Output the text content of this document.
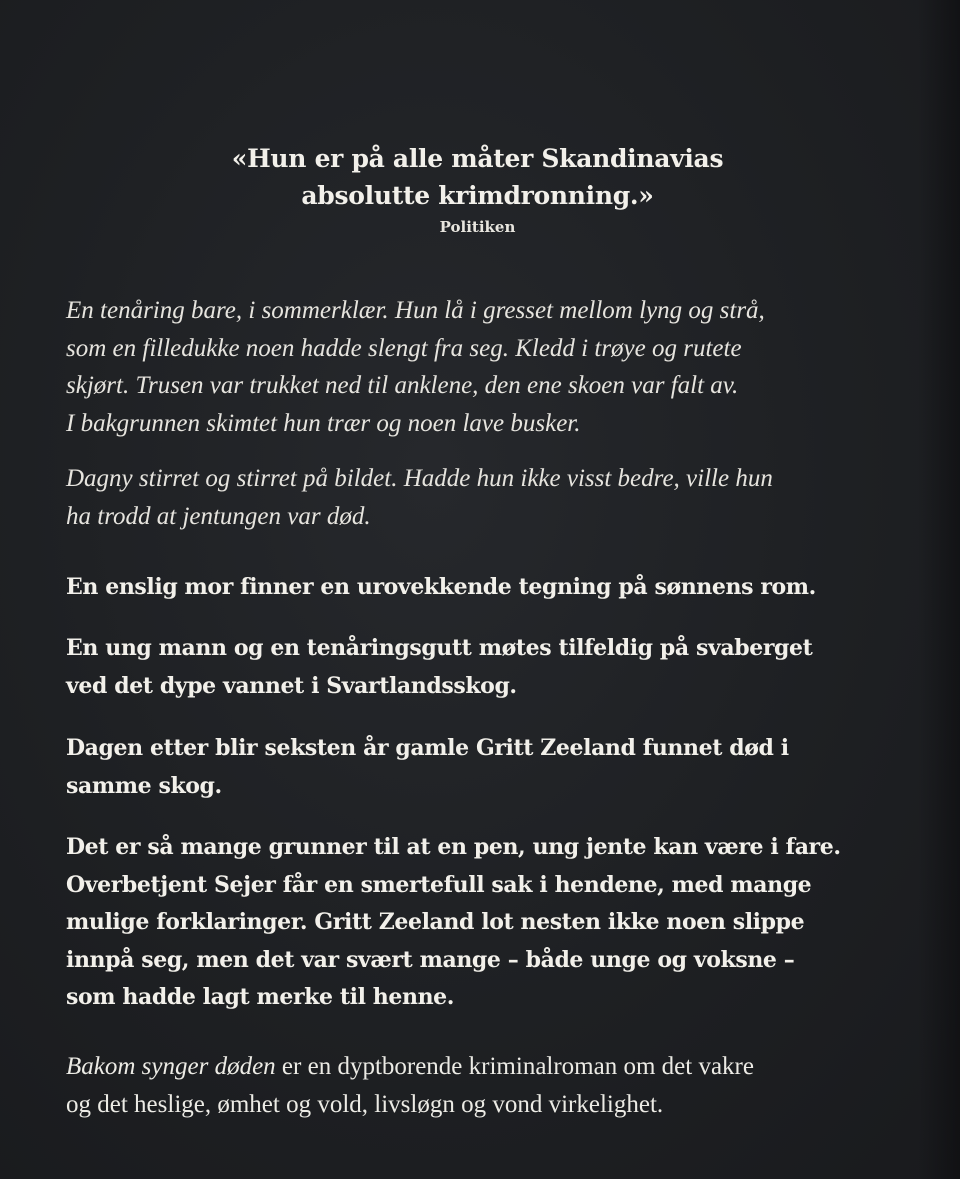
«Hun er på alle måter Skandinavias
absolutte krimdronning.»

Politiken

En tenåring bare, i sommerklær. Hun lå i gresset mellom lyng og strå,
som en filledukke noen hadde slengt fra seg. Kledd i trøye og rutete
skjørt. Trusen var trukket ned til anklene, den ene skoen var falt av.
I bakgrunnen skimtet hun trær og noen lave busker.

Dagny stirret og stirret på bildet. Hadde hun ikke visst bedre, ville hun
ha trodd at jentungen var død.

En enslig mor finner en urovekkende tegning på sønnens rom.

En ung mann og en tenåringsgutt møtes tilfeldig på svaberget
ved det dype vannet i Svartlandsskog.

Dagen etter blir seksten år gamle Gritt Zeeland funnet død i
samme skog.

Det er så mange grunner til at en pen, ung jente kan være i fare.
Overbetjent Sejer får en smertefull sak i hendene, med mange
mulige forklaringer. Gritt Zeeland lot nesten ikke noen slippe
innpå seg, men det var svært mange – både unge og voksne –
som hadde lagt merke til henne.

Bakom synger døden er en dyptborende kriminalroman om det vakre
og det heslige, ømhet og vold, livsløgn og vond virkelighet.
